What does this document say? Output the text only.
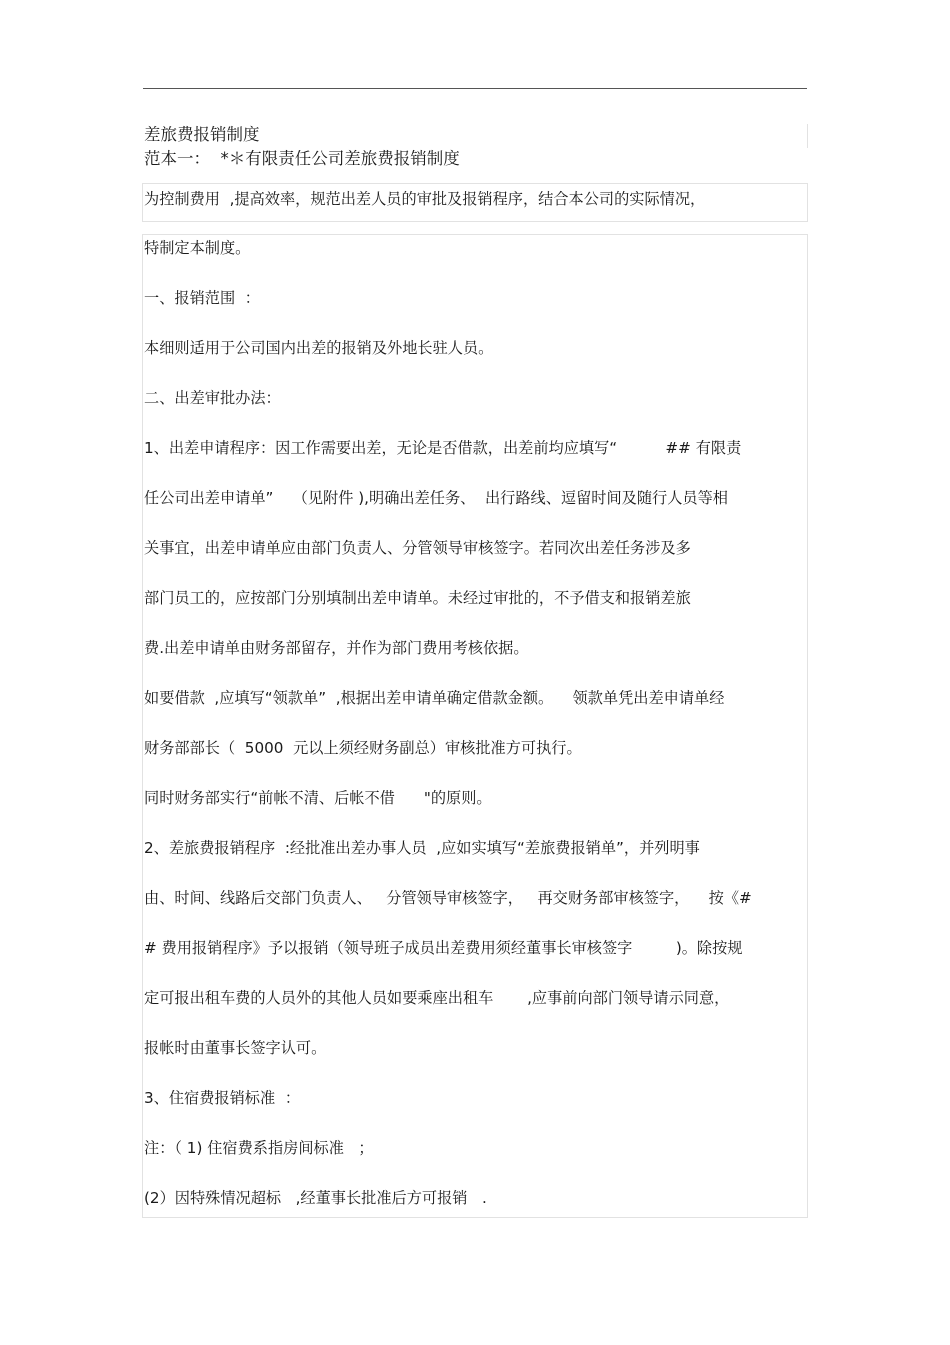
差旅费报销制度
范本一：  *＊有限责任公司差旅费报销制度
为控制费用  ,提高效率，规范出差人员的审批及报销程序，结合本公司的实际情况，
特制定本制度。
一、报销范围  ：
本细则适用于公司国内出差的报销及外地长驻人员。
二、出差审批办法：
1、出差申请程序：因工作需要出差，无论是否借款，出差前均应填写“          ## 有限责
任公司出差申请单”    （见附件 ),明确出差任务、  出行路线、逗留时间及随行人员等相
关事宜，出差申请单应由部门负责人、分管领导审核签字。若同次出差任务涉及多
部门员工的，应按部门分别填制出差申请单。未经过审批的，不予借支和报销差旅
费.出差申请单由财务部留存，并作为部门费用考核依据。
如要借款  ,应填写“领款单”  ,根据出差申请单确定借款金额。    领款单凭出差申请单经
财务部部长（  5000  元以上须经财务副总）审核批准方可执行。
同时财务部实行“前帐不清、后帐不借      "的原则。
2、差旅费报销程序  :经批准出差办事人员  ,应如实填写“差旅费报销单”，并列明事
由、时间、线路后交部门负责人、   分管领导审核签字，   再交财务部审核签字，    按《#
# 费用报销程序》予以报销（领导班子成员出差费用须经董事长审核签字         )。除按规
定可报出租车费的人员外的其他人员如要乘座出租车       ,应事前向部门领导请示同意，
报帐时由董事长签字认可。
3、住宿费报销标准  ：
注：（ 1) 住宿费系指房间标准   ；
(2）因特殊情况超标   ,经董事长批准后方可报销   .
